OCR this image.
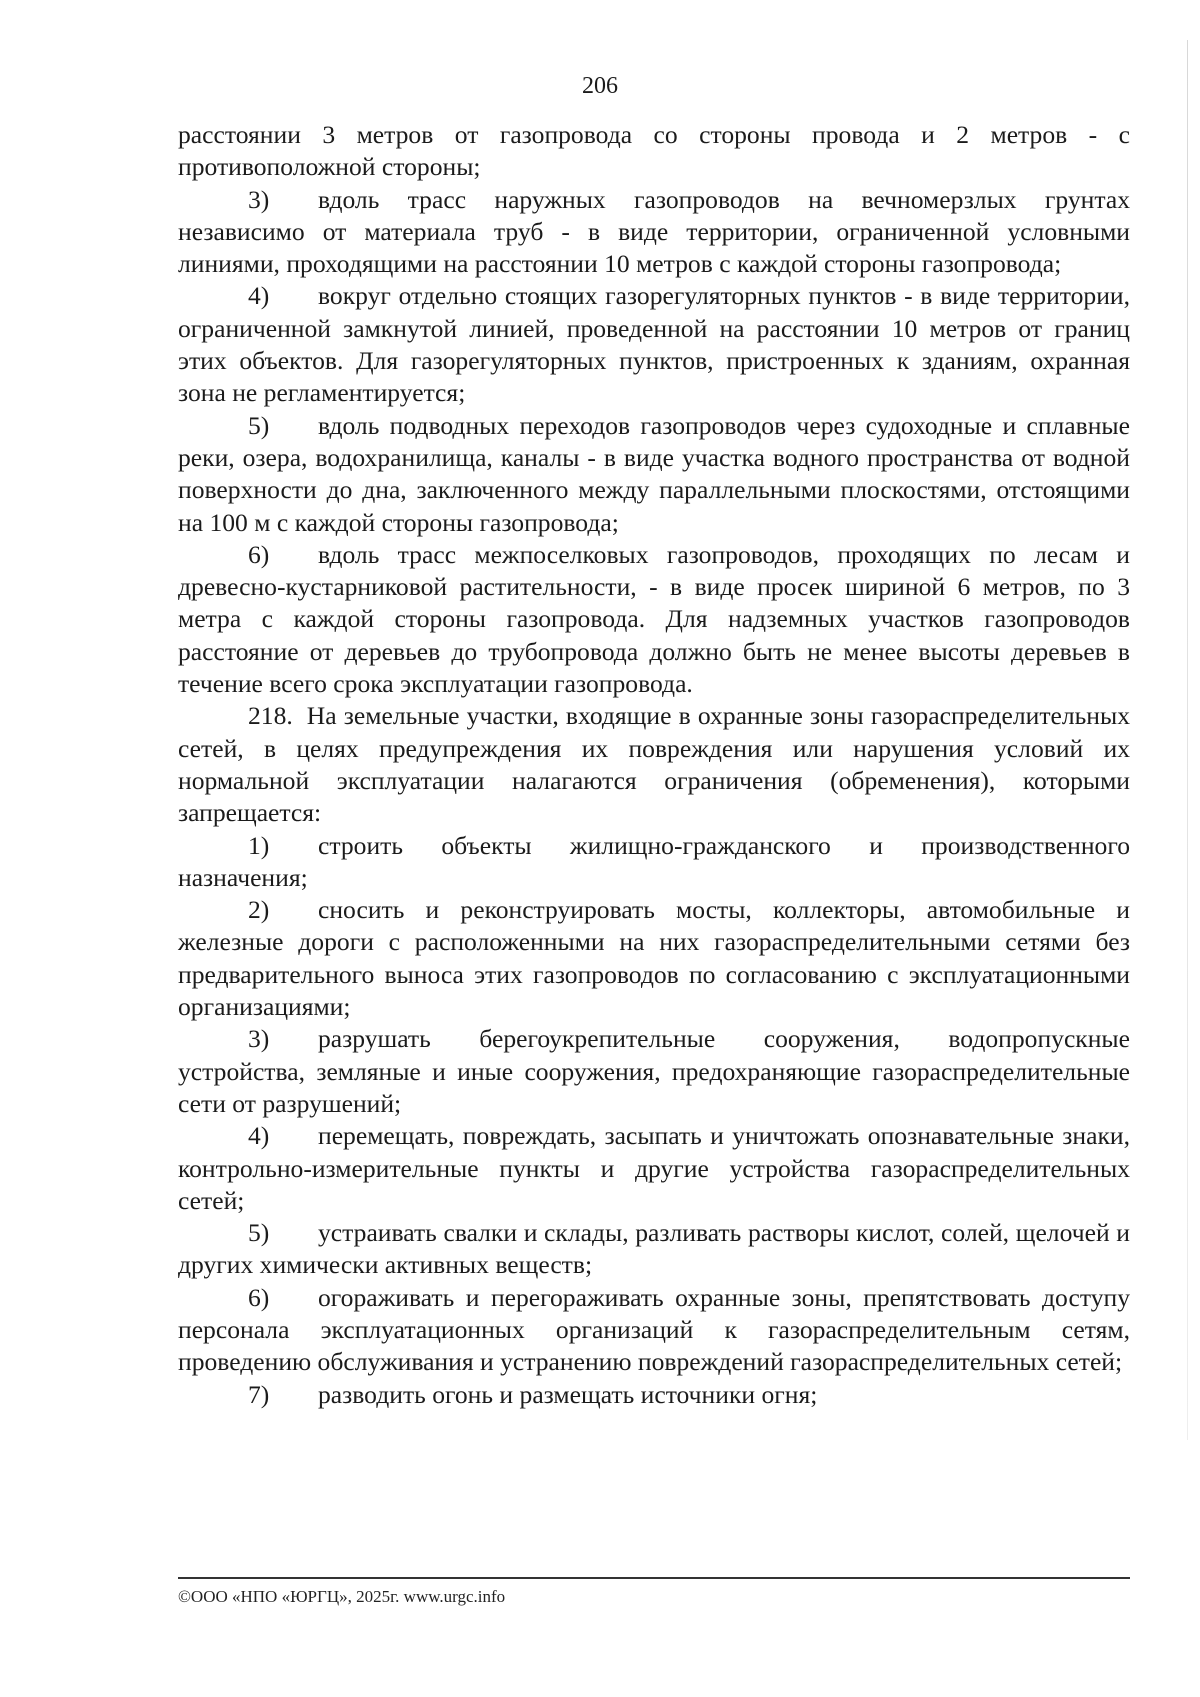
206

расстоянии 3 метров от газопровода со стороны провода и 2 метров - с противоположной стороны;

3) вдоль трасс наружных газопроводов на вечномерзлых грунтах независимо от материала труб - в виде территории, ограниченной условными линиями, проходящими на расстоянии 10 метров с каждой стороны газопровода;

4) вокруг отдельно стоящих газорегуляторных пунктов - в виде территории, ограниченной замкнутой линией, проведенной на расстоянии 10 метров от границ этих объектов. Для газорегуляторных пунктов, пристроенных к зданиям, охранная зона не регламентируется;

5) вдоль подводных переходов газопроводов через судоходные и сплавные реки, озера, водохранилища, каналы - в виде участка водного пространства от водной поверхности до дна, заключенного между параллельными плоскостями, отстоящими на 100 м с каждой стороны газопровода;

6) вдоль трасс межпоселковых газопроводов, проходящих по лесам и древесно-кустарниковой растительности, - в виде просек шириной 6 метров, по 3 метра с каждой стороны газопровода. Для надземных участков газопроводов расстояние от деревьев до трубопровода должно быть не менее высоты деревьев в течение всего срока эксплуатации газопровода.

218. На земельные участки, входящие в охранные зоны газораспределительных сетей, в целях предупреждения их повреждения или нарушения условий их нормальной эксплуатации налагаются ограничения (обременения), которыми запрещается:

1) строить объекты жилищно-гражданского и производственного назначения;

2) сносить и реконструировать мосты, коллекторы, автомобильные и железные дороги с расположенными на них газораспределительными сетями без предварительного выноса этих газопроводов по согласованию с эксплуатационными организациями;

3) разрушать берегоукрепительные сооружения, водопропускные устройства, земляные и иные сооружения, предохраняющие газораспределительные сети от разрушений;

4) перемещать, повреждать, засыпать и уничтожать опознавательные знаки, контрольно-измерительные пункты и другие устройства газораспределительных сетей;

5) устраивать свалки и склады, разливать растворы кислот, солей, щелочей и других химически активных веществ;

6) огораживать и перегораживать охранные зоны, препятствовать доступу персонала эксплуатационных организаций к газораспределительным сетям, проведению обслуживания и устранению повреждений газораспределительных сетей;

7) разводить огонь и размещать источники огня;

©ООО «НПО «ЮРГЦ», 2025г. www.urgc.info
